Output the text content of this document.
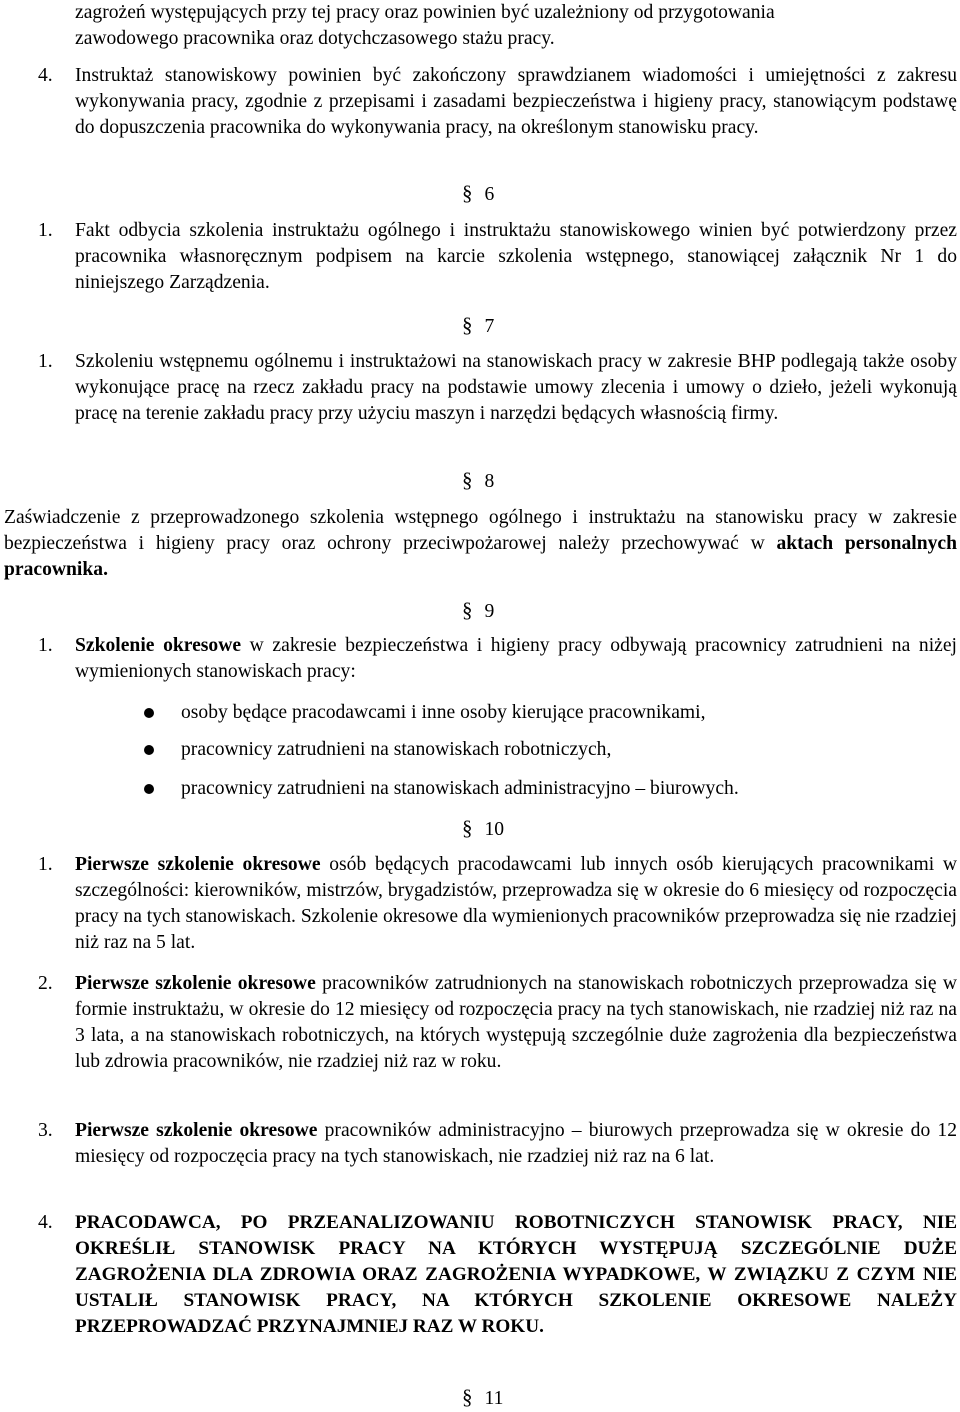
zagrożeń występujących przy tej pracy oraz powinien być uzależniony od przygotowania
zawodowego pracownika oraz dotychczasowego stażu pracy.

4. Instruktaż stanowiskowy powinien być zakończony sprawdzianem wiadomości i umiejętności z zakresu wykonywania pracy, zgodnie z przepisami i zasadami bezpieczeństwa i higieny pracy, stanowiącym podstawę do dopuszczenia pracownika do wykonywania pracy, na określonym stanowisku pracy.

§ 6

1. Fakt odbycia szkolenia instruktażu ogólnego i instruktażu stanowiskowego winien być potwierdzony przez pracownika własnoręcznym podpisem na karcie szkolenia wstępnego, stanowiącej załącznik Nr 1 do niniejszego Zarządzenia.

§ 7

1. Szkoleniu wstępnemu ogólnemu i instruktażowi na stanowiskach pracy w zakresie BHP podlegają także osoby wykonujące pracę na rzecz zakładu pracy na podstawie umowy zlecenia i umowy o dzieło, jeżeli wykonują pracę na terenie zakładu pracy przy użyciu maszyn i narzędzi będących własnością firmy.

§ 8

Zaświadczenie z przeprowadzonego szkolenia wstępnego ogólnego i instruktażu na stanowisku pracy w zakresie bezpieczeństwa i higieny pracy oraz ochrony przeciwpożarowej należy przechowywać w aktach personalnych pracownika.

§ 9

1. Szkolenie okresowe w zakresie bezpieczeństwa i higieny pracy odbywają pracownicy zatrudnieni na niżej wymienionych stanowiskach pracy:

osoby będące pracodawcami i inne osoby kierujące pracownikami,

pracownicy zatrudnieni na stanowiskach robotniczych,

pracownicy zatrudnieni na stanowiskach administracyjno – biurowych.

§ 10

1. Pierwsze szkolenie okresowe osób będących pracodawcami lub innych osób kierujących pracownikami w szczególności: kierowników, mistrzów, brygadzistów, przeprowadza się w okresie do 6 miesięcy od rozpoczęcia pracy na tych stanowiskach. Szkolenie okresowe dla wymienionych pracowników przeprowadza się nie rzadziej niż raz na 5 lat.

2. Pierwsze szkolenie okresowe pracowników zatrudnionych na stanowiskach robotniczych przeprowadza się w formie instruktażu, w okresie do 12 miesięcy od rozpoczęcia pracy na tych stanowiskach, nie rzadziej niż raz na 3 lata, a na stanowiskach robotniczych, na których występują szczególnie duże zagrożenia dla bezpieczeństwa lub zdrowia pracowników, nie rzadziej niż raz w roku.

3. Pierwsze szkolenie okresowe pracowników administracyjno – biurowych przeprowadza się w okresie do 12 miesięcy od rozpoczęcia pracy na tych stanowiskach, nie rzadziej niż raz na 6 lat.

4. PRACODAWCA, PO PRZEANALIZOWANIU ROBOTNICZYCH STANOWISK PRACY, NIE OKREŚLIŁ STANOWISK PRACY NA KTÓRYCH WYSTĘPUJĄ SZCZEGÓLNIE DUŻE ZAGROŻENIA DLA ZDROWIA ORAZ ZAGROŻENIA WYPADKOWE, W ZWIĄZKU Z CZYM NIE USTALIŁ STANOWISK PRACY, NA KTÓRYCH SZKOLENIE OKRESOWE NALEŻY PRZEPROWADZAĆ PRZYNAJMNIEJ RAZ W ROKU.

§ 11
